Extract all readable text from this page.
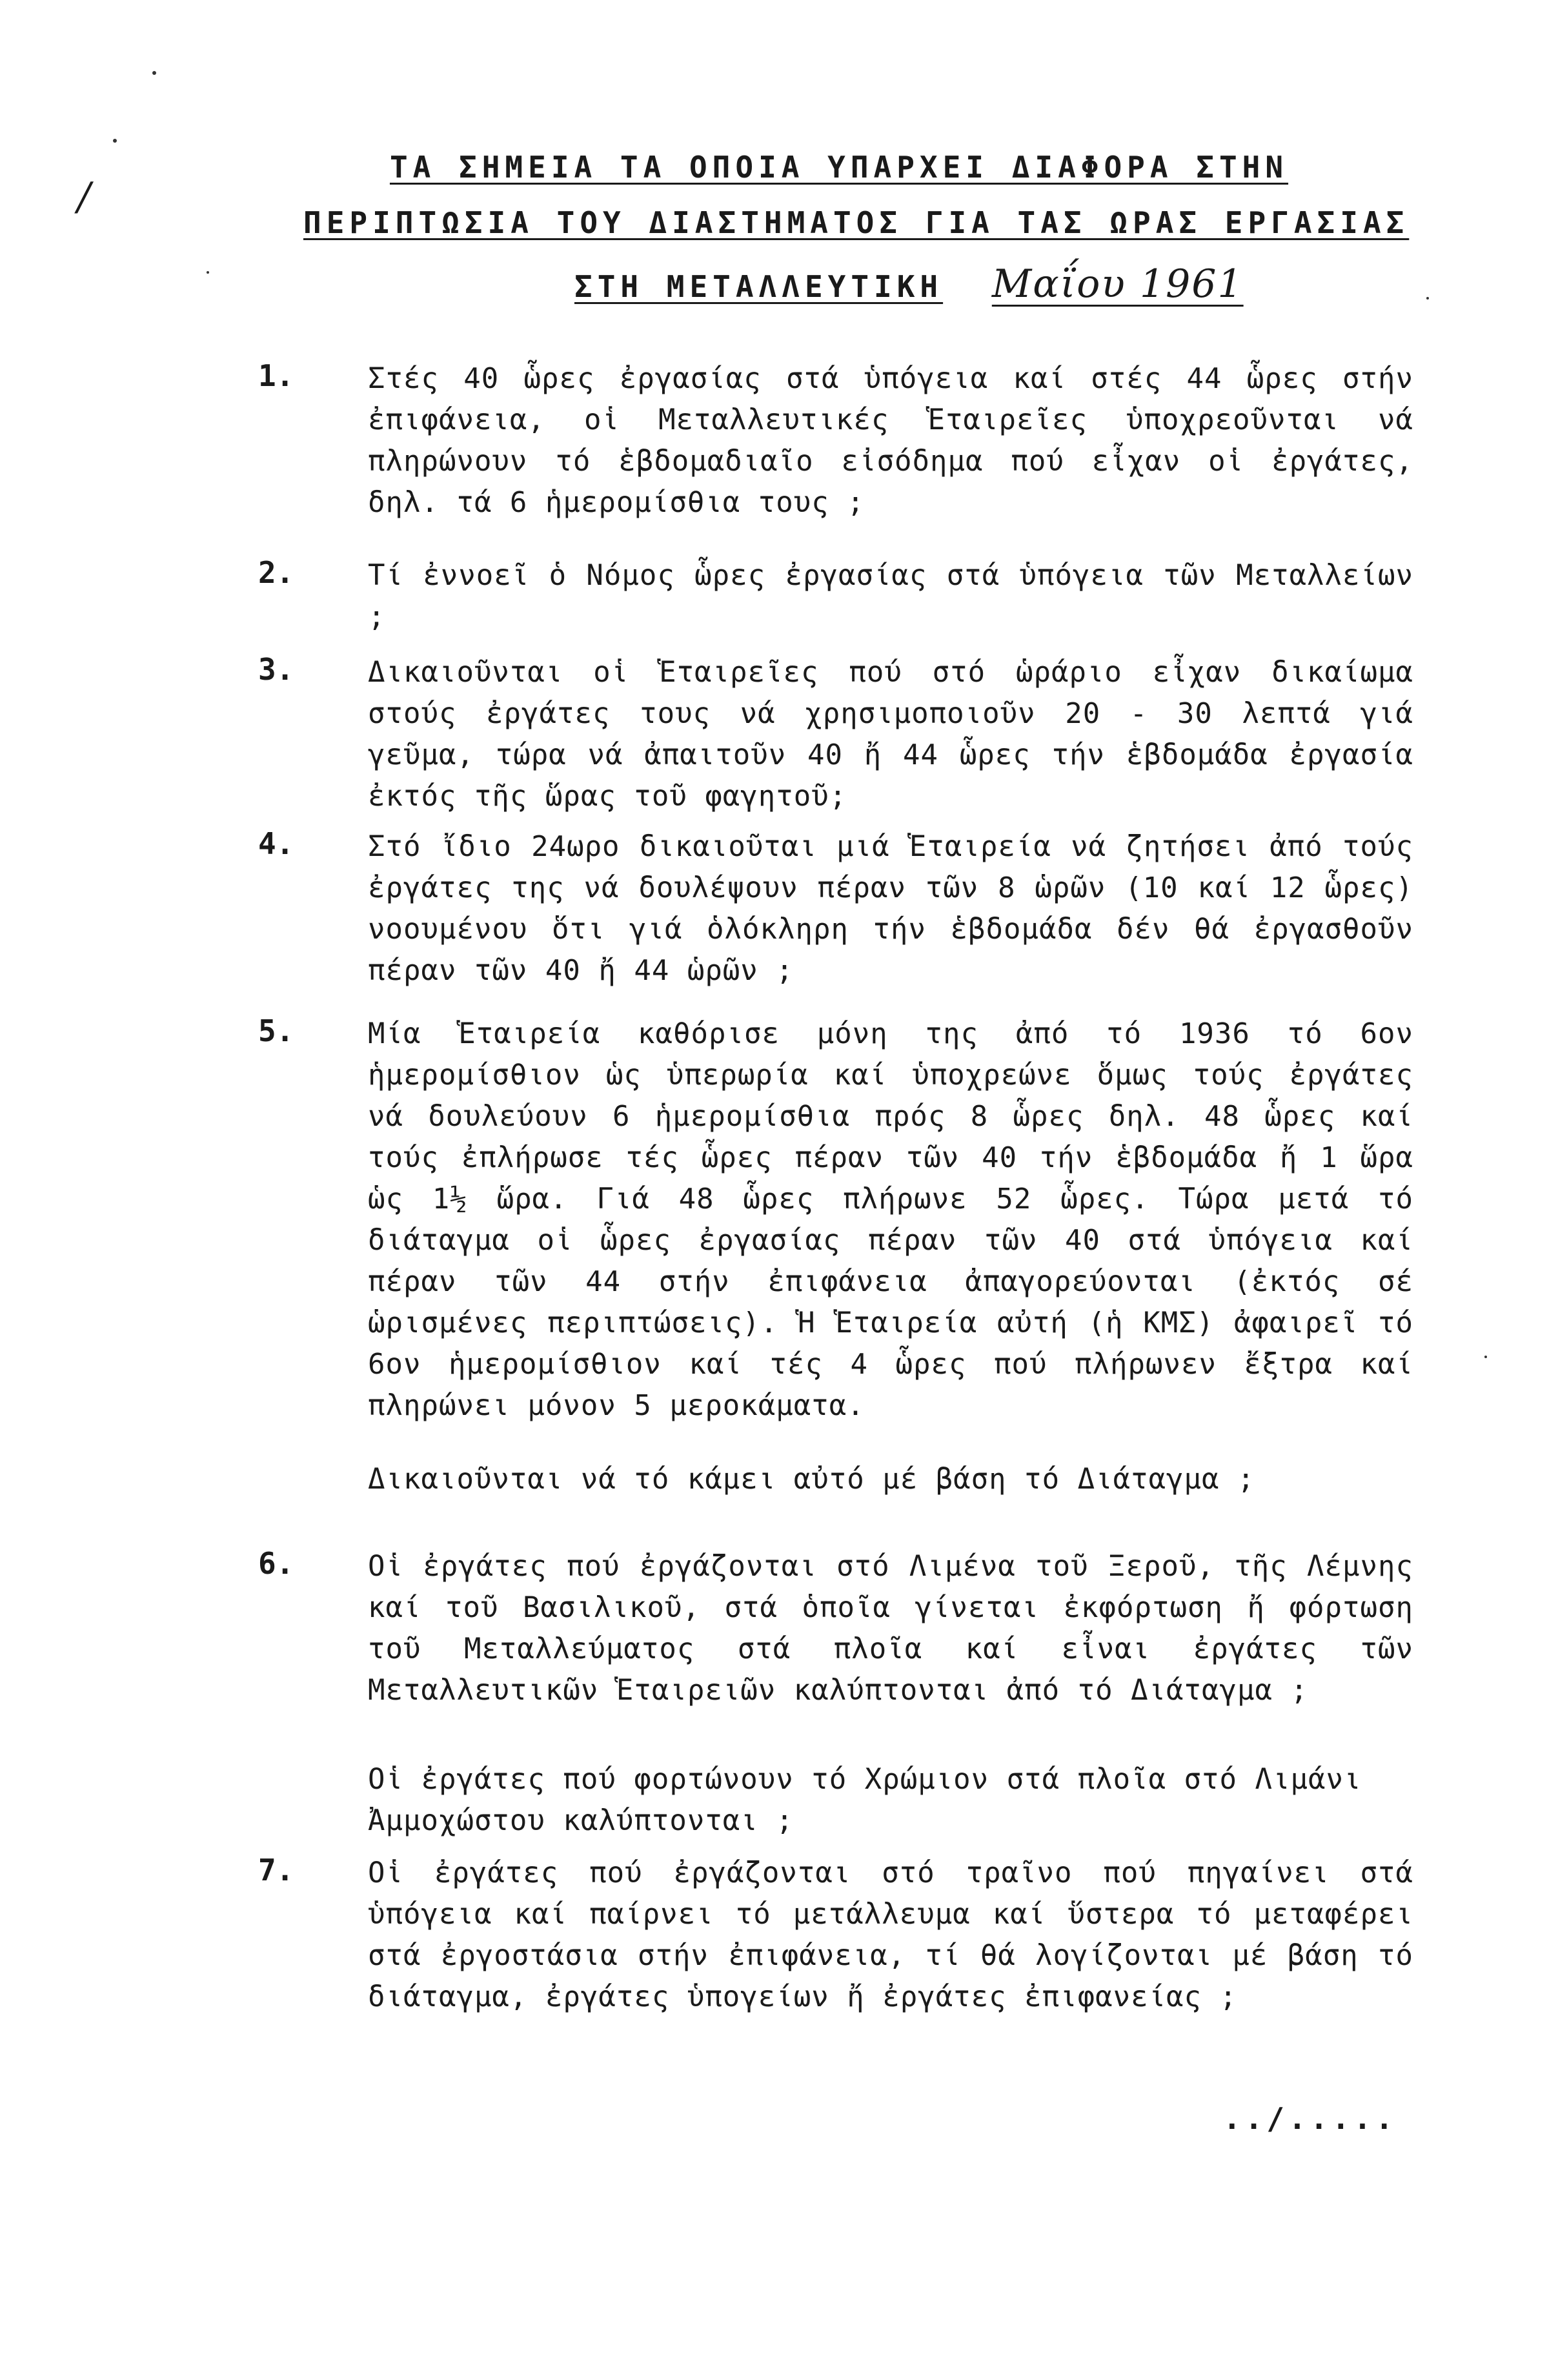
/
ΤΑ ΣΗΜΕΙΑ ΤΑ ΟΠΟΙΑ ΥΠΑΡΧΕΙ ΔΙΑΦΟΡΑ ΣΤΗΝ
ΠΕΡΙΠΤΩΣΙΑ ΤΟΥ ΔΙΑΣΤΗΜΑΤΟΣ ΓΙΑ ΤΑΣ ΩΡΑΣ ΕΡΓΑΣΙΑΣ
ΣΤΗ ΜΕΤΑΛΛΕΥΤΙΚΗ Μαΐου 1961
1.	Στές 40 ὧρες ἐργασίας στά ὑπόγεια καί στές 44 ὧρες στήν ἐπιφάνεια, οἱ Μεταλλευτικές Ἑταιρεῖες ὑποχρεοῦνται νά πληρώνουν τό ἑβδομαδιαῖο εἰσόδημα πού εἶχαν οἱ ἐργάτες, δηλ. τά 6 ἡμερομίσθια τους ;
2.	Τί ἐννοεῖ ὁ Νόμος ὧρες ἐργασίας στά ὑπόγεια τῶν Μεταλλείων ;
3.	Δικαιοῦνται οἱ Ἑταιρεῖες πού στό ὡράριο εἶχαν δικαίωμα στούς ἐργάτες τους νά χρησιμοποιοῦν 20 - 30 λεπτά γιά γεῦμα, τώρα νά ἀπαιτοῦν 40 ἤ 44 ὧρες τήν ἑβδομάδα ἐργασία ἐκτός τῆς ὥρας τοῦ φαγητοῦ;
4.	Στό ἴδιο 24ωρο δικαιοῦται μιά Ἑταιρεία νά ζητήσει ἀπό τούς ἐργάτες της νά δουλέψουν πέραν τῶν 8 ὡρῶν (10 καί 12 ὧρες) νοουμένου ὅτι γιά ὁλόκληρη τήν ἑβδομάδα δέν θά ἐργασθοῦν πέραν τῶν 40 ἤ 44 ὡρῶν ;
5.	Μία Ἑταιρεία καθόρισε μόνη της ἀπό τό 1936 τό 6ον ἡμερομίσθιον ὡς ὑπερωρία καί ὑποχρεώνε ὅμως τούς ἐργάτες νά δουλεύουν 6 ἡμερομίσθια πρός 8 ὧρες δηλ. 48 ὧρες καί τούς ἐπλήρωσε τές ὧρες πέραν τῶν 40 τήν ἑβδομάδα ἤ 1 ὥρα ὡς 1½ ὥρα. Γιά 48 ὧρες πλήρωνε 52 ὧρες. Τώρα μετά τό διάταγμα οἱ ὧρες ἐργασίας πέραν τῶν 40 στά ὑπόγεια καί πέραν τῶν 44 στήν ἐπιφάνεια ἀπαγορεύονται (ἐκτός σέ ὡρισμένες περιπτώσεις). Ἡ Ἑταιρεία αὐτή (ἡ ΚΜΣ) ἀφαιρεῖ τό 6ον ἡμερομίσθιον καί τές 4 ὧρες πού πλήρωνεν ἔξτρα καί πληρώνει μόνον 5 μεροκάματα.
Δικαιοῦνται νά τό κάμει αὐτό μέ βάση τό Διάταγμα ;
6.	Οἱ ἐργάτες πού ἐργάζονται στό Λιμένα τοῦ Ξεροῦ, τῆς Λέμνης καί τοῦ Βασιλικοῦ, στά ὁποῖα γίνεται ἐκφόρτωση ἤ φόρτωση τοῦ Μεταλλεύματος στά πλοῖα καί εἶναι ἐργάτες τῶν Μεταλλευτικῶν Ἑταιρειῶν καλύπτονται ἀπό τό Διάταγμα ;
Οἱ ἐργάτες πού φορτώνουν τό Χρώμιον στά πλοῖα στό Λιμάνι Ἀμμοχώστου καλύπτονται ;
7.	Οἱ ἐργάτες πού ἐργάζονται στό τραῖνο πού πηγαίνει στά ὑπόγεια καί παίρνει τό μετάλλευμα καί ὕστερα τό μεταφέρει στά ἐργοστάσια στήν ἐπιφάνεια, τί θά λογίζονται μέ βάση τό διάταγμα, ἐργάτες ὑπογείων ἤ ἐργάτες ἐπιφανείας ;
../.....
